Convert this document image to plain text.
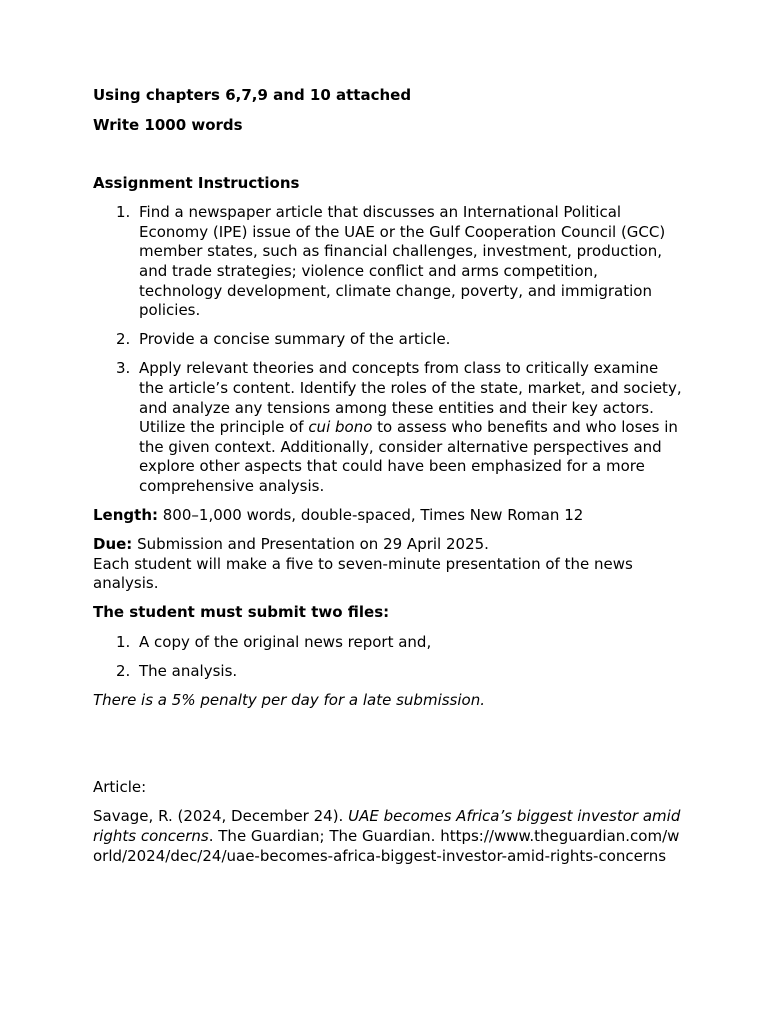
Using chapters 6,7,9 and 10 attached

Write 1000 words

Assignment Instructions

1. Find a newspaper article that discusses an International Political Economy (IPE) issue of the UAE or the Gulf Cooperation Council (GCC) member states, such as financial challenges, investment, production, and trade strategies; violence conflict and arms competition, technology development, climate change, poverty, and immigration policies.
2. Provide a concise summary of the article.
3. Apply relevant theories and concepts from class to critically examine the article’s content. Identify the roles of the state, market, and society, and analyze any tensions among these entities and their key actors. Utilize the principle of cui bono to assess who benefits and who loses in the given context. Additionally, consider alternative perspectives and explore other aspects that could have been emphasized for a more comprehensive analysis.

Length: 800–1,000 words, double-spaced, Times New Roman 12

Due: Submission and Presentation on 29 April 2025.

Each student will make a five to seven-minute presentation of the news analysis.

The student must submit two files:

1. A copy of the original news report and,
2. The analysis.

There is a 5% penalty per day for a late submission.

Article:

Savage, R. (2024, December 24). UAE becomes Africa’s biggest investor amid rights concerns. The Guardian; The Guardian. https://www.theguardian.com/world/2024/dec/24/uae-becomes-africa-biggest-investor-amid-rights-concerns
